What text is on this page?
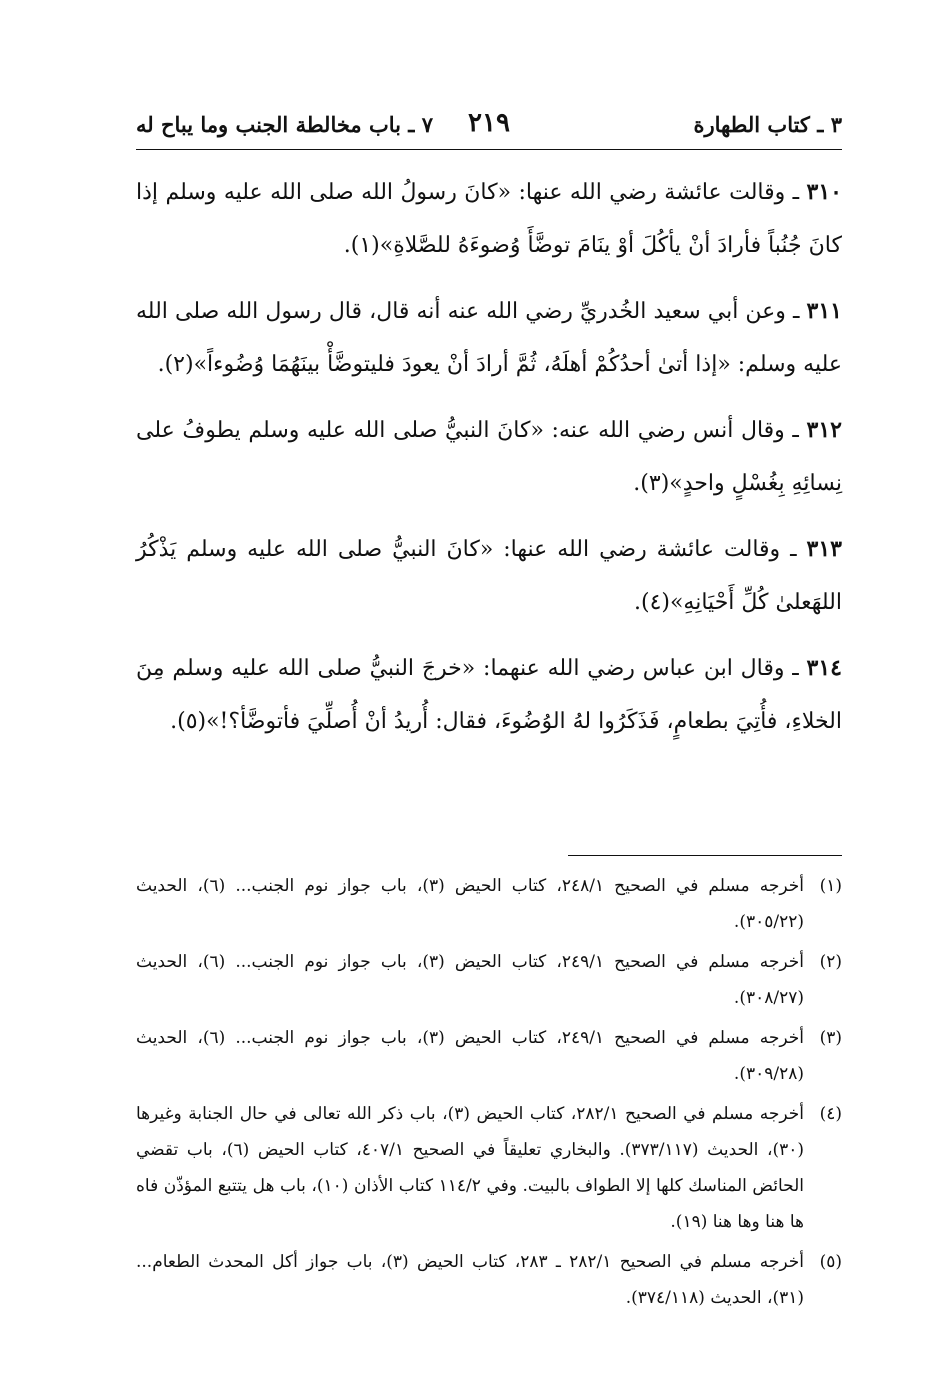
٣ ـ كتاب الطهارة
٢١٩
٧ ـ باب مخالطة الجنب وما يباح له

٣١٠ ـ وقالت عائشة رضي الله عنها: «كانَ رسولُ الله صلى الله عليه وسلم إذا كانَ جُنُباً فأرادَ أنْ يأكُلَ أوْ ينَامَ توضَّأَ وُضوءَهُ للصَّلاةِ»(١).

٣١١ ـ وعن أبي سعيد الخُدريِّ رضي الله عنه أنه قال، قال رسول الله صلى الله عليه وسلم: «إذا أتىٰ أحدُكُمْ أهلَهُ، ثُمَّ أرادَ أنْ يعودَ فليتوضَّأْ بينَهُمَا وُضُوءاً»(٢).

٣١٢ ـ وقال أنس رضي الله عنه: «كانَ النبيُّ صلى الله عليه وسلم يطوفُ على نِسائِهِ بِغُسْلٍ واحدٍ»(٣).

٣١٣ ـ وقالت عائشة رضي الله عنها: «كانَ النبيُّ صلى الله عليه وسلم يَذْكُرُ اللهَعلىٰ كُلِّ أَحْيَانِهِ»(٤).

٣١٤ ـ وقال ابن عباس رضي الله عنهما: «خرجَ النبيُّ صلى الله عليه وسلم مِنَ الخلاءِ، فأُتِيَ بطعامٍ، فَذَكَرُوا لهُ الوُضُوءَ، فقال: أُريدُ أنْ أُصلِّيَ فأتوضَّأ؟!»(٥).

(١)
أخرجه مسلم في الصحيح ٢٤٨/١، كتاب الحيض (٣)، باب جواز نوم الجنب... (٦)، الحديث (٣٠٥/٢٢).

(٢)
أخرجه مسلم في الصحيح ٢٤٩/١، كتاب الحيض (٣)، باب جواز نوم الجنب... (٦)، الحديث (٣٠٨/٢٧).

(٣)
أخرجه مسلم في الصحيح ٢٤٩/١، كتاب الحيض (٣)، باب جواز نوم الجنب... (٦)، الحديث (٣٠٩/٢٨).

(٤)
أخرجه مسلم في الصحيح ٢٨٢/١، كتاب الحيض (٣)، باب ذكر الله تعالى في حال الجنابة وغيرها (٣٠)، الحديث (٣٧٣/١١٧). والبخاري تعليقاً في الصحيح ٤٠٧/١، كتاب الحيض (٦)، باب تقضي الحائض المناسك كلها إلا الطواف بالبيت. وفي ١١٤/٢ كتاب الأذان (١٠)، باب هل يتتبع المؤذّن فاه ها هنا وها هنا (١٩).

(٥)
أخرجه مسلم في الصحيح ٢٨٢/١ ـ ٢٨٣، كتاب الحيض (٣)، باب جواز أكل المحدث الطعام... (٣١)، الحديث (٣٧٤/١١٨).
